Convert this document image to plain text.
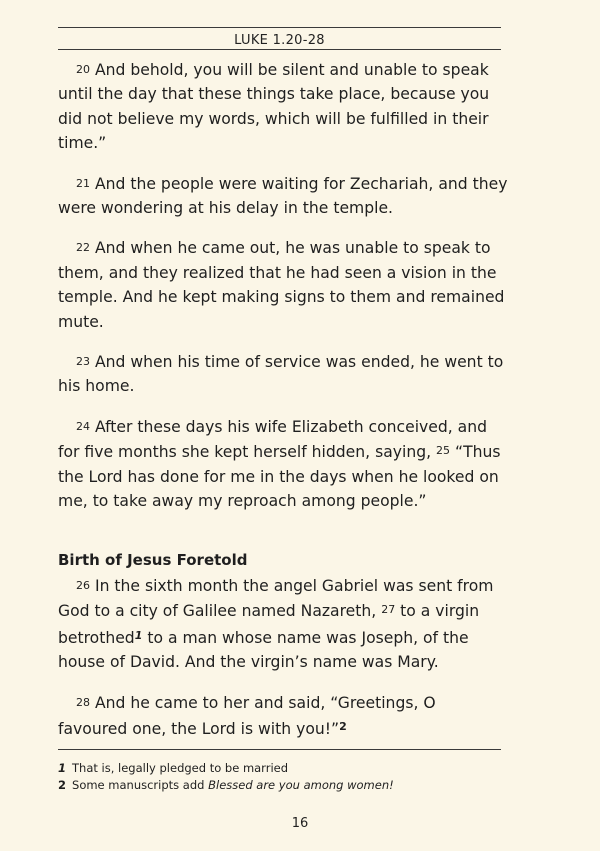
LUKE 1.20-28

20 And behold, you will be silent and unable to speak until the day that these things take place, because you did not believe my words, which will be fulfilled in their time.”

21 And the people were waiting for Zechariah, and they were wondering at his delay in the temple.

22 And when he came out, he was unable to speak to them, and they realized that he had seen a vision in the temple. And he kept making signs to them and remained mute.

23 And when his time of service was ended, he went to his home.

24 After these days his wife Elizabeth conceived, and for five months she kept herself hidden, saying, 25 “Thus the Lord has done for me in the days when he looked on me, to take away my reproach among people.”

Birth of Jesus Foretold

26 In the sixth month the angel Gabriel was sent from God to a city of Galilee named Nazareth, 27 to a virgin betrothed$^1$ to a man whose name was Joseph, of the house of David. And the virgin’s name was Mary.

28 And he came to her and said, “Greetings, O favoured one, the Lord is with you!”$^2$

1 That is, legally pledged to be married
2 Some manuscripts add Blessed are you among women!
16
